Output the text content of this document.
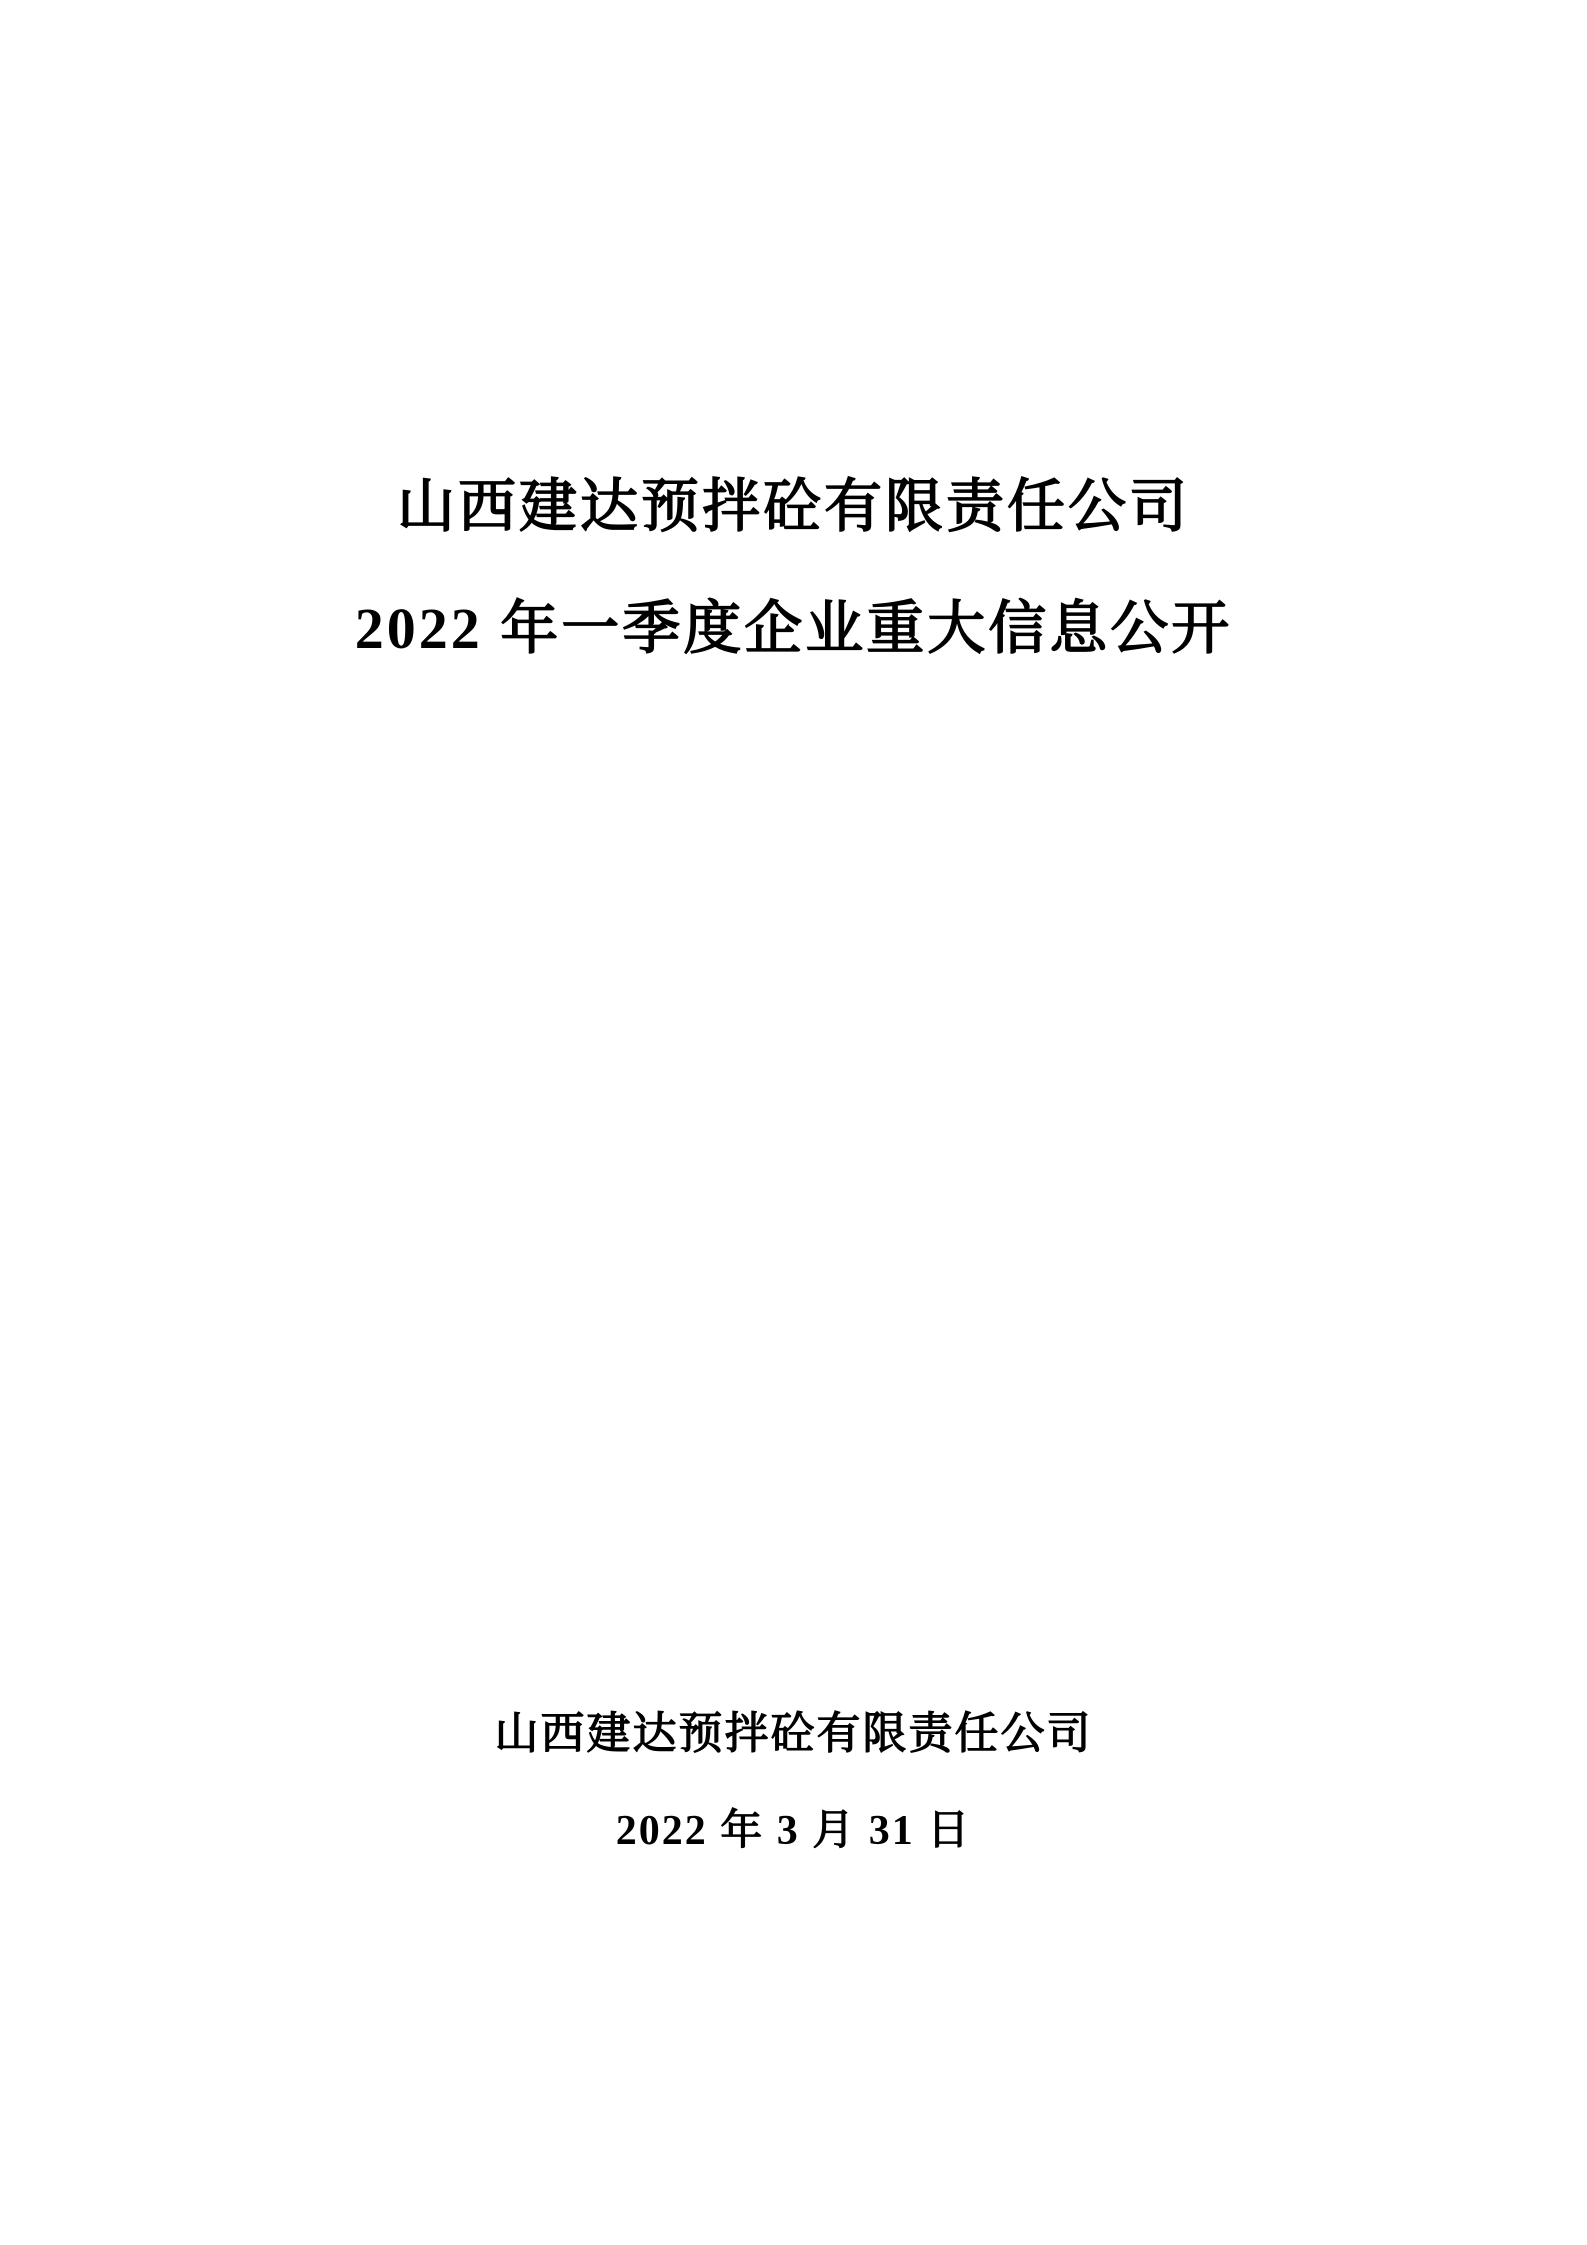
山西建达预拌砼有限责任公司
2022 年一季度企业重大信息公开

山西建达预拌砼有限责任公司

2022 年 3 月 31 日
